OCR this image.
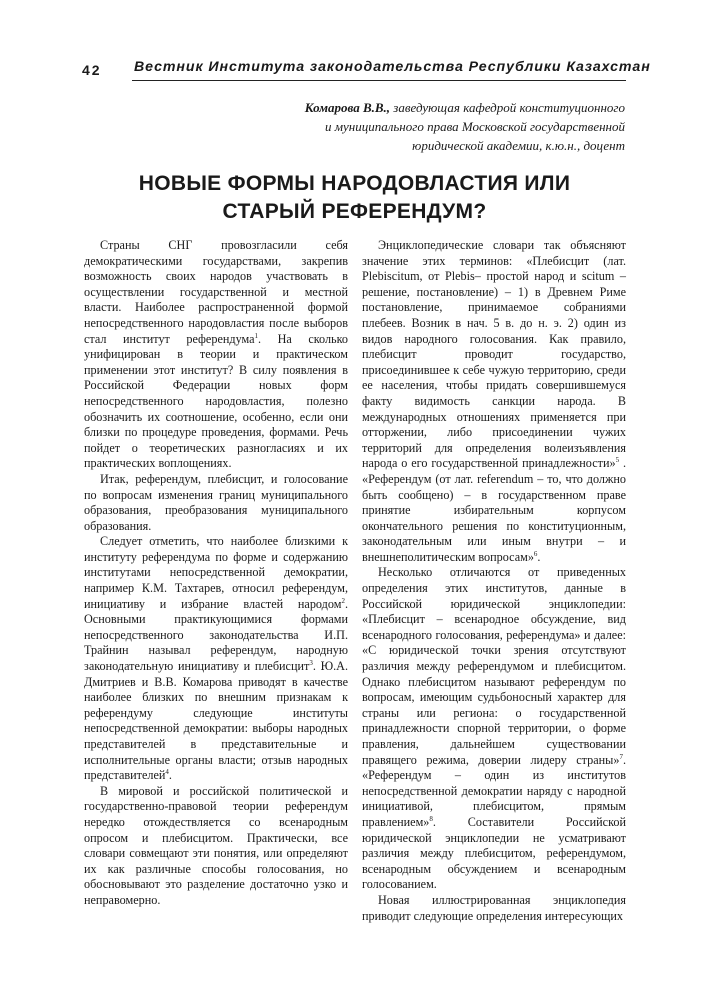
42 Вестник Института законодательства Республики Казахстан
Комарова В.В., заведующая кафедрой конституционного
и муниципального права Московской государственной
юридической академии, к.ю.н., доцент
НОВЫЕ ФОРМЫ НАРОДОВЛАСТИЯ ИЛИ
СТАРЫЙ РЕФЕРЕНДУМ?

Страны СНГ провозгласили себя демократическими государствами, закрепив возможность своих народов участвовать в осуществлении государственной и местной власти. Наиболее распространенной формой непосредственного народовластия после выборов стал институт референдума$^1$. На сколько унифицирован в теории и практическом применении этот институт? В силу появления в Российской Федерации новых форм непосредственного народовластия, полезно обозначить их соотношение, особенно, если они близки по процедуре проведения, формами. Речь пойдет о теоретических разногласиях и их практических воплощениях.

Итак, референдум, плебисцит, и голосование по вопросам изменения границ муниципального образования, преобразования муниципального образования.

Следует отметить, что наиболее близкими к институту референдума по форме и содержанию институтами непосредственной демократии, например К.М. Тахтарев, относил референдум, инициативу и избрание властей народом$^2$. Основными практикующимися формами непосредственного законодательства И.П. Трайнин называл референдум, народную законодательную инициативу и плебисцит$^3$. Ю.А. Дмитриев и В.В. Комарова приводят в качестве наиболее близких по внешним признакам к референдуму следующие институты непосредственной демократии: выборы народных представителей в представительные и исполнительные органы власти; отзыв народных представителей$^4$.

В мировой и российской политической и государственно-правовой теории референдум нередко отождествляется со всенародным опросом и плебисцитом. Практически, все словари совмещают эти понятия, или определяют их как различные способы голосования, но обосновывают это разделение достаточно узко и неправомерно.

Энциклопедические словари так объясняют значение этих терминов: «Плебисцит (лат. Plebiscitum, от Plebis– простой народ и scitum – решение, постановление) – 1) в Древнем Риме постановление, принимаемое собраниями плебеев. Возник в нач. 5 в. до н. э. 2) один из видов народного голосования. Как правило, плебисцит проводит государство, присоединившее к себе чужую территорию, среди ее населения, чтобы придать совершившемуся факту видимость санкции народа. В международных отношениях применяется при отторжении, либо присоединении чужих территорий для определения волеизъявления народа о его государственной принадлежности»$^5$ . «Референдум (от лат. referendum – то, что должно быть сообщено) – в государственном праве принятие избирательным корпусом окончательного решения по конституционным, законодательным или иным внутри – и внешнеполитическим вопросам»$^6$.

Несколько отличаются от приведенных определения этих институтов, данные в Российской юридической энциклопедии: «Плебисцит – всенародное обсуждение, вид всенародного голосования, референдума» и далее: «С юридической точки зрения отсутствуют различия между референдумом и плебисцитом. Однако плебисцитом называют референдум по вопросам, имеющим судьбоносный характер для страны или региона: о государственной принадлежности спорной территории, о форме правления, дальнейшем существовании правящего режима, доверии лидеру страны»$^7$. «Референдум – один из институтов непосредственной демократии наряду с народной инициативой, плебисцитом, прямым правлением»$^8$. Составители Российской юридической энциклопедии не усматривают различия между плебисцитом, референдумом, всенародным обсуждением и всенародным голосованием.

Новая иллюстрированная энциклопедия приводит следующие определения интересующих
